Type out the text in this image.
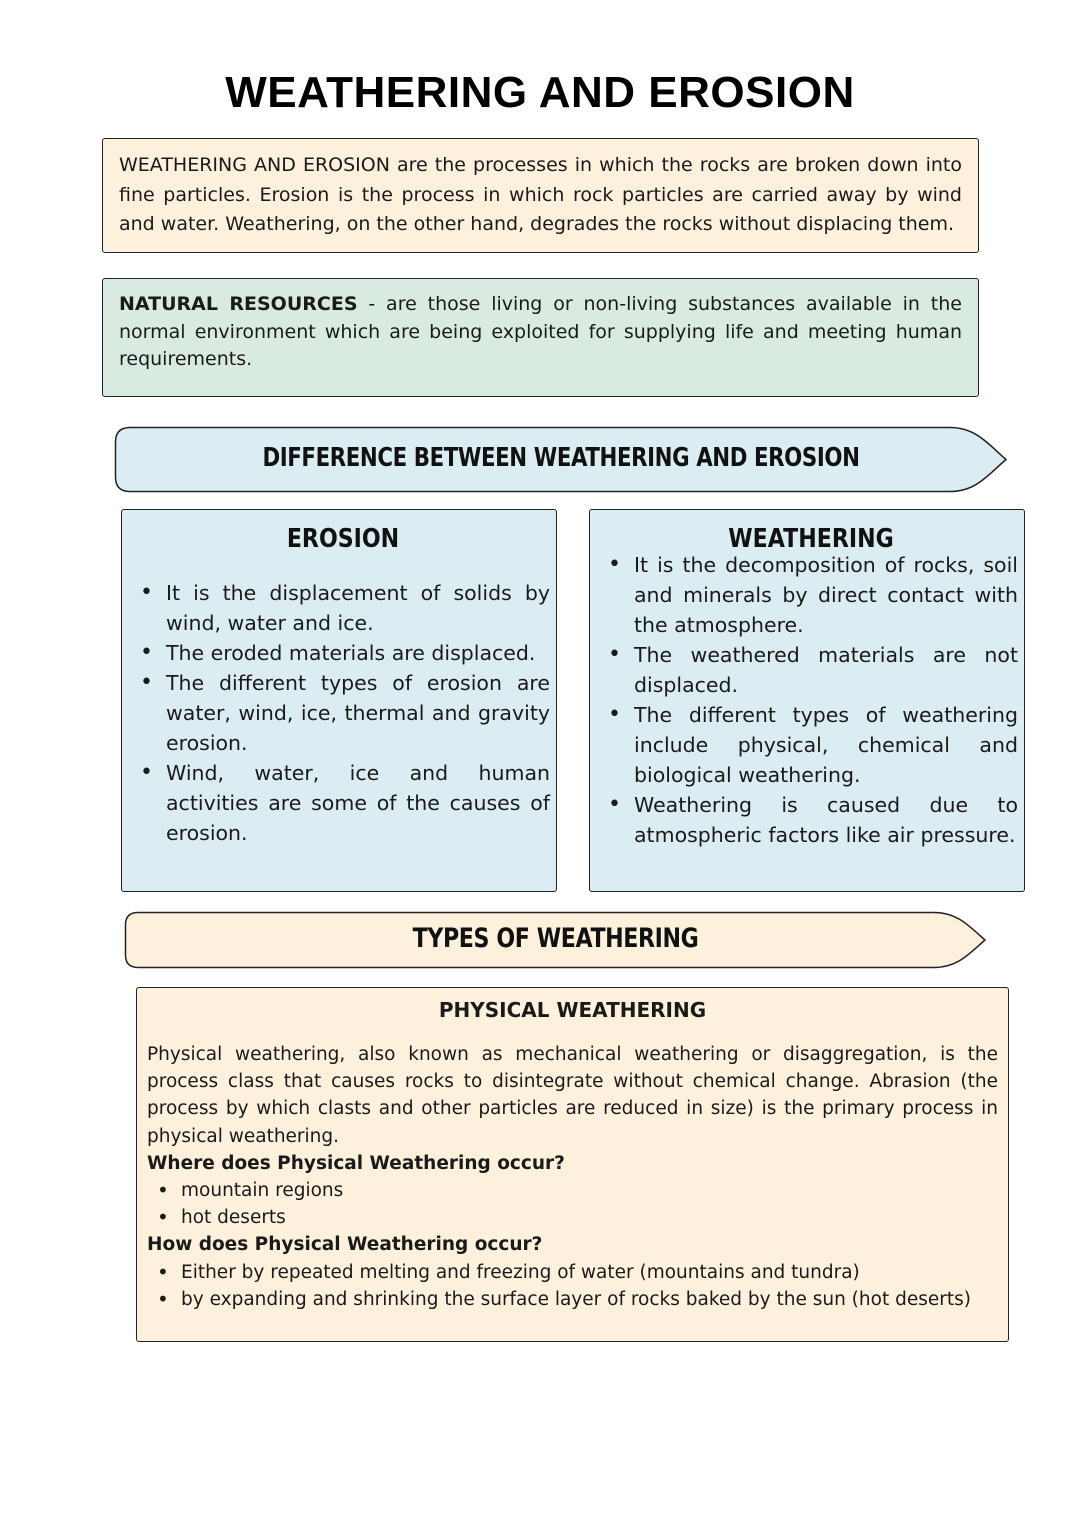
WEATHERING AND EROSION
WEATHERING AND EROSION are the processes in which the rocks are broken down into fine particles. Erosion is the process in which rock particles are carried away by wind and water. Weathering, on the other hand, degrades the rocks without displacing them.
NATURAL RESOURCES - are those living or non-living substances available in the normal environment which are being exploited for supplying life and meeting human requirements.
DIFFERENCE BETWEEN WEATHERING AND EROSION
EROSION
• It is the displacement of solids by wind, water and ice.
• The eroded materials are displaced.
• The different types of erosion are water, wind, ice, thermal and gravity erosion.
• Wind, water, ice and human activities are some of the causes of erosion.
WEATHERING
• It is the decomposition of rocks, soil and minerals by direct contact with the atmosphere.
• The weathered materials are not displaced.
• The different types of weathering include physical, chemical and biological weathering.
• Weathering is caused due to atmospheric factors like air pressure.
TYPES OF WEATHERING
PHYSICAL WEATHERING
Physical weathering, also known as mechanical weathering or disaggregation, is the process class that causes rocks to disintegrate without chemical change. Abrasion (the process by which clasts and other particles are reduced in size) is the primary process in physical weathering.
Where does Physical Weathering occur?
• mountain regions
• hot deserts
How does Physical Weathering occur?
• Either by repeated melting and freezing of water (mountains and tundra)
• by expanding and shrinking the surface layer of rocks baked by the sun (hot deserts)
